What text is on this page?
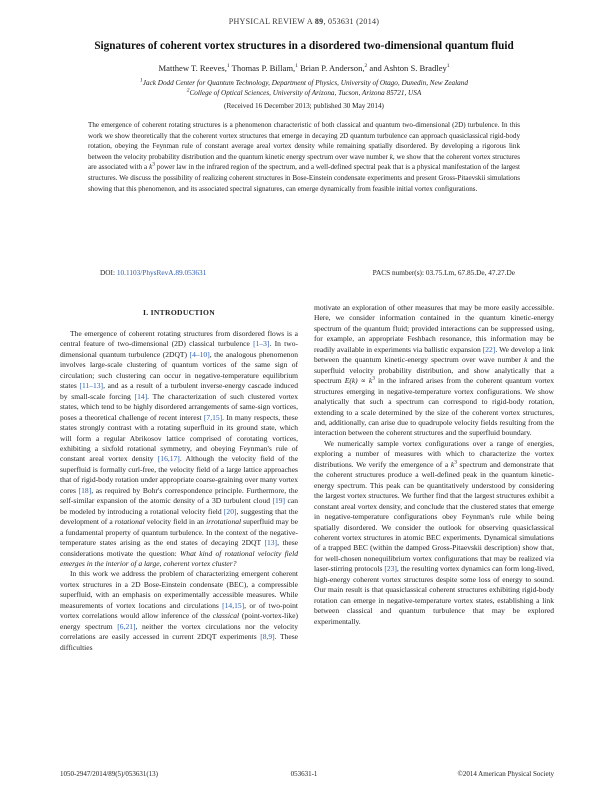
PHYSICAL REVIEW A 89, 053631 (2014)
Signatures of coherent vortex structures in a disordered two-dimensional quantum fluid
Matthew T. Reeves,$^1$ Thomas P. Billam,$^1$ Brian P. Anderson,$^2$ and Ashton S. Bradley$^1$
$^1$Jack Dodd Center for Quantum Technology, Department of Physics, University of Otago, Dunedin, New Zealand
$^2$College of Optical Sciences, University of Arizona, Tucson, Arizona 85721, USA
(Received 16 December 2013; published 30 May 2014)
The emergence of coherent rotating structures is a phenomenon characteristic of both classical and quantum two-dimensional (2D) turbulence. In this work we show theoretically that the coherent vortex structures that emerge in decaying 2D quantum turbulence can approach quasiclassical rigid-body rotation, obeying the Feynman rule of constant average areal vortex density while remaining spatially disordered. By developing a rigorous link between the velocity probability distribution and the quantum kinetic energy spectrum over wave number k, we show that the coherent vortex structures are associated with a $k^3$ power law in the infrared region of the spectrum, and a well-defined spectral peak that is a physical manifestation of the largest structures. We discuss the possibility of realizing coherent structures in Bose-Einstein condensate experiments and present Gross-Pitaevskii simulations showing that this phenomenon, and its associated spectral signatures, can emerge dynamically from feasible initial vortex configurations.
DOI: 10.1103/PhysRevA.89.053631	PACS number(s): 03.75.Lm, 67.85.De, 47.27.De
I. INTRODUCTION

The emergence of coherent rotating structures from disordered flows is a central feature of two-dimensional (2D) classical turbulence [1–3]. In two-dimensional quantum turbulence (2DQT) [4–10], the analogous phenomenon involves large-scale clustering of quantum vortices of the same sign of circulation; such clustering can occur in negative-temperature equilibrium states [11–13], and as a result of a turbulent inverse-energy cascade induced by small-scale forcing [14]. The characterization of such clustered vortex states, which tend to be highly disordered arrangements of same-sign vortices, poses a theoretical challenge of recent interest [7,15]. In many respects, these states strongly contrast with a rotating superfluid in its ground state, which will form a regular Abrikosov lattice comprised of corotating vortices, exhibiting a sixfold rotational symmetry, and obeying Feynman's rule of constant areal vortex density [16,17]. Although the velocity field of the superfluid is formally curl-free, the velocity field of a large lattice approaches that of rigid-body rotation under appropriate coarse-graining over many vortex cores [18], as required by Bohr's correspondence principle. Furthermore, the self-similar expansion of the atomic density of a 3D turbulent cloud [19] can be modeled by introducing a rotational velocity field [20], suggesting that the development of a rotational velocity field in an irrotational superfluid may be a fundamental property of quantum turbulence. In the context of the negative-temperature states arising as the end states of decaying 2DQT [13], these considerations motivate the question: What kind of rotational velocity field emerges in the interior of a large, coherent vortex cluster?

In this work we address the problem of characterizing emergent coherent vortex structures in a 2D Bose-Einstein condensate (BEC), a compressible superfluid, with an emphasis on experimentally accessible measures. While measurements of vortex locations and circulations [14,15], or of two-point vortex correlations would allow inference of the classical (point-vortex-like) energy spectrum [6,21], neither the vortex circulations nor the velocity correlations are easily accessed in current 2DQT experiments [8,9]. These difficulties

motivate an exploration of other measures that may be more easily accessible. Here, we consider information contained in the quantum kinetic-energy spectrum of the quantum fluid; provided interactions can be suppressed using, for example, an appropriate Feshbach resonance, this information may be readily available in experiments via ballistic expansion [22]. We develop a link between the quantum kinetic-energy spectrum over wave number k and the superfluid velocity probability distribution, and show analytically that a spectrum $E(k) \propto k^3$ in the infrared arises from the coherent quantum vortex structures emerging in negative-temperature vortex configurations. We show analytically that such a spectrum can correspond to rigid-body rotation, extending to a scale determined by the size of the coherent vortex structures, and, additionally, can arise due to quadrupole velocity fields resulting from the interaction between the coherent structures and the superfluid boundary.

We numerically sample vortex configurations over a range of energies, exploring a number of measures with which to characterize the vortex distributions. We verify the emergence of a $k^3$ spectrum and demonstrate that the coherent structures produce a well-defined peak in the quantum kinetic-energy spectrum. This peak can be quantitatively understood by considering the largest vortex structures. We further find that the largest structures exhibit a constant areal vortex density, and conclude that the clustered states that emerge in negative-temperature configurations obey Feynman's rule while being spatially disordered. We consider the outlook for observing quasiclassical coherent vortex structures in atomic BEC experiments. Dynamical simulations of a trapped BEC (within the damped Gross-Pitaevskii description) show that, for well-chosen nonequilibrium vortex configurations that may be realized via laser-stirring protocols [23], the resulting vortex dynamics can form long-lived, high-energy coherent vortex structures despite some loss of energy to sound. Our main result is that quasiclassical coherent structures exhibiting rigid-body rotation can emerge in negative-temperature vortex states, establishing a link between classical and quantum turbulence that may be explored experimentally.

1050-2947/2014/89(5)/053631(13)	053631-1	©2014 American Physical Society
